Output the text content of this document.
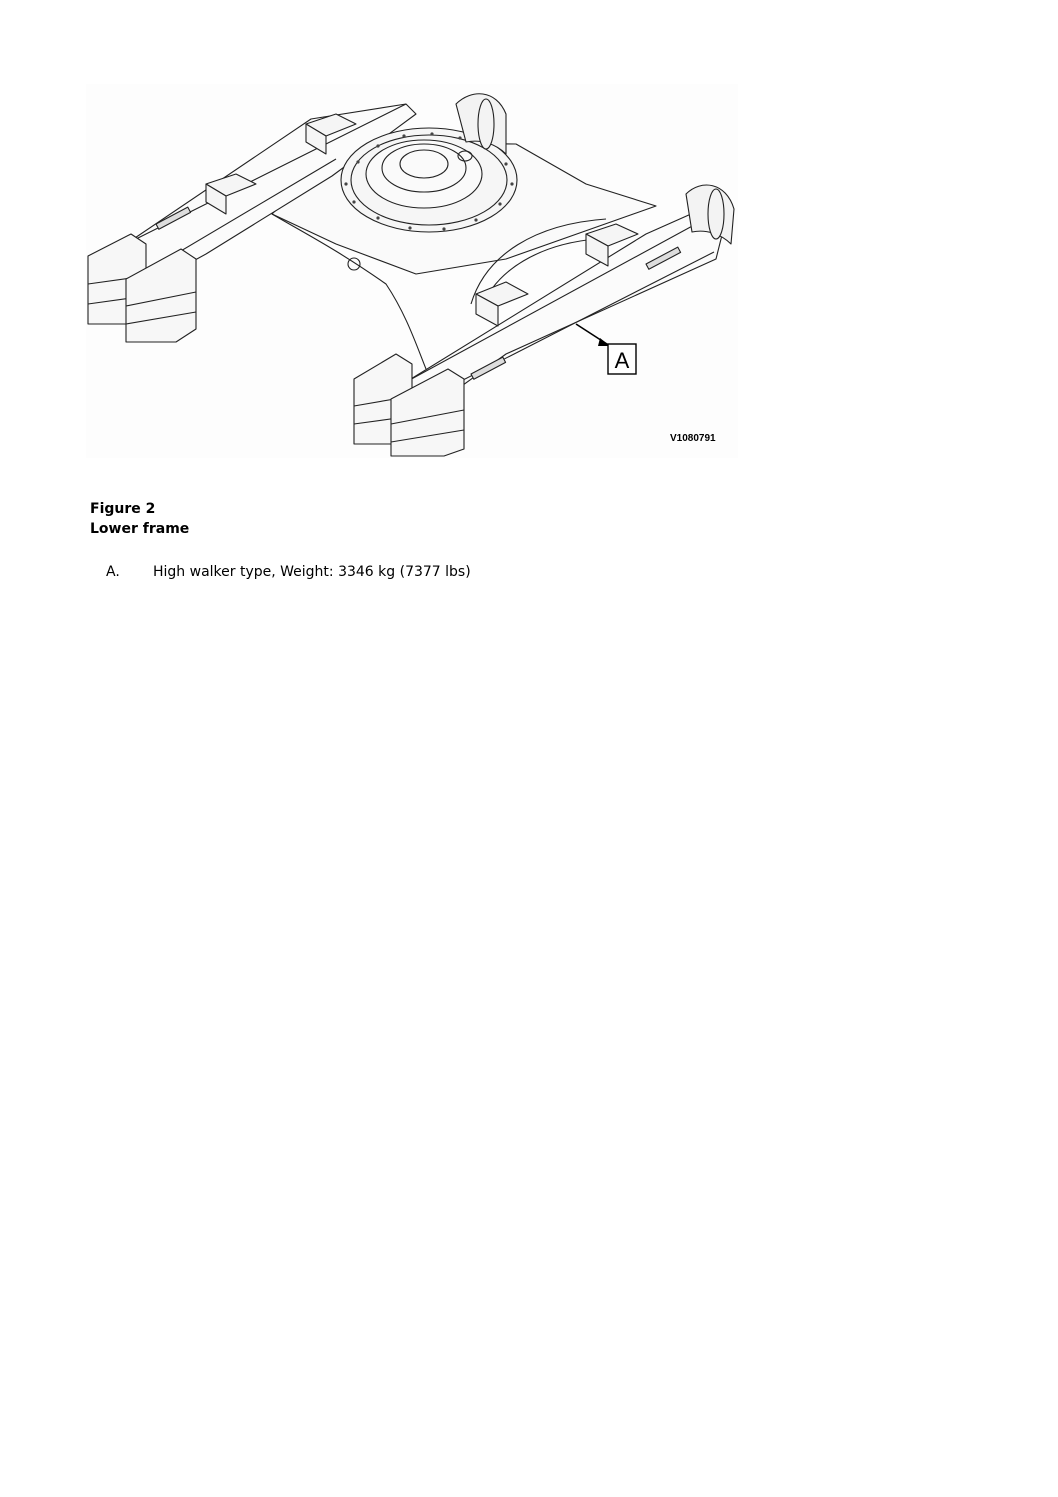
A
V1080791
Figure 2
Lower frame
A.	High walker type, Weight: 3346 kg (7377 lbs)
